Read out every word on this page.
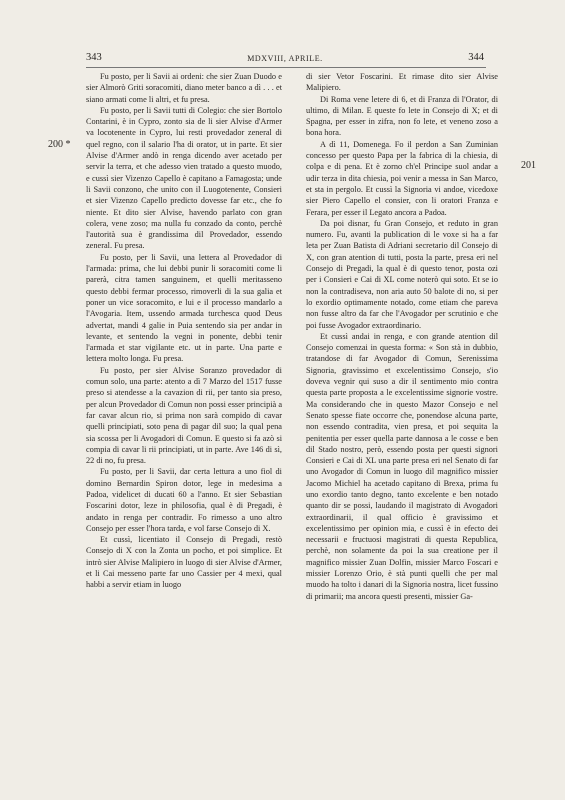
343	MDXVIII, APRILE.	344
200 *
201

Fu posto, per li Savii ai ordeni: che sier Zuan Duodo e sier Almorò Griti soracomiti, diano meter banco a dì . . . et siano armati come li altri, et fu presa.

Fu posto, per li Savii tutti di Colegio: che sier Bortolo Contarini, è in Cypro, zonto sia de li sier Alvise d'Armer va locotenente in Cypro, lui resti provedador zeneral di quel regno, con il salario l'ha di orator, ut in parte. Et sier Alvise d'Armer andò in renga dicendo aver acetado per servir la terra, et che adesso vien tratado a questo muodo, e cussì sier Vizenzo Capello è capitano a Famagosta; unde li Savii conzono, che unito con il Luogotenente, Consieri et sier Vizenzo Capello predicto dovesse far etc., che fo niente. Et dito sier Alvise, havendo parlato con gran colera, vene zoso; ma nulla fu conzado da conto, perchè l'autorità sua è grandissima dil Provedador, essendo zeneral. Fu presa.

Fu posto, per li Savii, una lettera al Provedador di l'armada: prima, che lui debbi punir li soracomiti come li parerà, citra tamen sanguinem, et quelli meritasseno questo debbi fermar processo, rimoverli di la sua galia et poner un vice soracomito, e lui e il processo mandarlo a l'Avogaria. Item, ussendo armada turchesca quod Deus advertat, mandi 4 galie in Puia sentendo sia per andar in levante, et sentendo la vegni in ponente, debbi tenir l'armada et star vigilante etc. ut in parte. Una parte e lettera molto longa. Fu presa.

Fu posto, per sier Alvise Soranzo provedador di comun solo, una parte: atento a dì 7 Marzo del 1517 fusse preso si atendesse a la cavazion di rii, per tanto sia preso, per alcun Provedador di Comun non possi esser principià a far cavar alcun rio, si prima non sarà compido di cavar quelli principiati, soto pena di pagar dil suo; la qual pena sia scossa per li Avogadori di Comun. E questo si fa azò si compia di cavar li rii principiati, ut in parte. Ave 146 di sì, 22 di no, fu presa.

Fu posto, per li Savii, dar certa lettura a uno fiol di domino Bernardin Spiron dotor, lege in medesima a Padoa, videlicet di ducati 60 a l'anno. Et sier Sebastian Foscarini dotor, leze in philosofia, qual è di Pregadi, è andato in renga per contradir. Fo rimesso a uno altro Consejo per esser l'hora tarda, e vol farse Consejo di X.

Et cussì, licentiato il Consejo di Pregadi, restò Consejo di X con la Zonta un pocho, et poi simplice. Et intrò sier Alvise Malipiero in luogo di sier Alvise d'Armer, et li Cai messeno parte far uno Cassier per 4 mexi, qual habbi a servir etiam in luogo

di sier Vetor Foscarini. Et rimase dito sier Alvise Malipiero.

Di Roma vene letere di 6, et di Franza di l'Orator, di ultimo, di Milan. E queste fo lete in Consejo di X; et di Spagna, per esser in zifra, non fo lete, et veneno zoso a bona hora.

A dì 11, Domenega. Fo il perdon a San Zuminian concesso per questo Papa per la fabrica di la chiesia, di colpa e di pena. Et è zorno ch'el Principe suol andar a udir terza in dita chiesia, poi venir a messa in San Marco, et sta in pergolo. Et cussì la Signoria vi andoe, vicedoxe sier Piero Capello el consier, con li oratori Franza e Ferara, per esser il Legato ancora a Padoa.

Da poi disnar, fu Gran Consejo, et reduto in gran numero. Fu, avanti la publication di le voxe si ha a far leta per Zuan Batista di Adriani secretario dil Consejo di X, con gran atention di tutti, posta la parte, presa eri nel Consejo di Pregadi, la qual è di questo tenor, posta ozi per i Consieri e Cai di XL come noterò qui soto. Et se io non la contradiseva, non aria auto 50 balote di no, si per lo exordio optimamente notado, come etiam che pareva non fusse altro da far che l'Avogador per scrutinio e che poi fusse Avogador extraordinario.

Et cussì andai in renga, e con grande atention dil Consejo comenzai in questa forma: « Son stà in dubbio, tratandose di far Avogador di Comun, Serenissima Signoria, gravissimo et excelentissimo Consejo, s'io doveva vegnir qui suso a dir il sentimento mio contra questa parte proposta a le excelentissime signorie vostre. Ma considerando che in questo Mazor Consejo e nel Senato spesse fiate occorre che, ponendose alcuna parte, non essendo contradita, vien presa, et poi sequita la penitentia per esser quella parte dannosa a le cosse e ben dil Stado nostro, però, essendo posta per questi signori Consieri e Cai di XL una parte presa eri nel Senato di far uno Avogador di Comun in luogo dil magnifico missier Jacomo Michiel ha acetado capitano di Brexa, prima fu uno exordio tanto degno, tanto excelente e ben notado quanto dir se possi, laudando il magistrato di Avogadori extraordinarii, il qual officio è gravissimo et excelentissimo per opinion mia, e cussì è in efecto dei necessarii e fructuosi magistrati di questa Republica, perchè, non solamente da poi la sua creatione per il magnifico missier Zuan Dolfin, missier Marco Foscari e missier Lorenzo Orio, è stà punti quelli che per mal muodo ha tolto i danari di la Signoria nostra, licet fussino di primarii; ma ancora questi presenti, missier Ga-
